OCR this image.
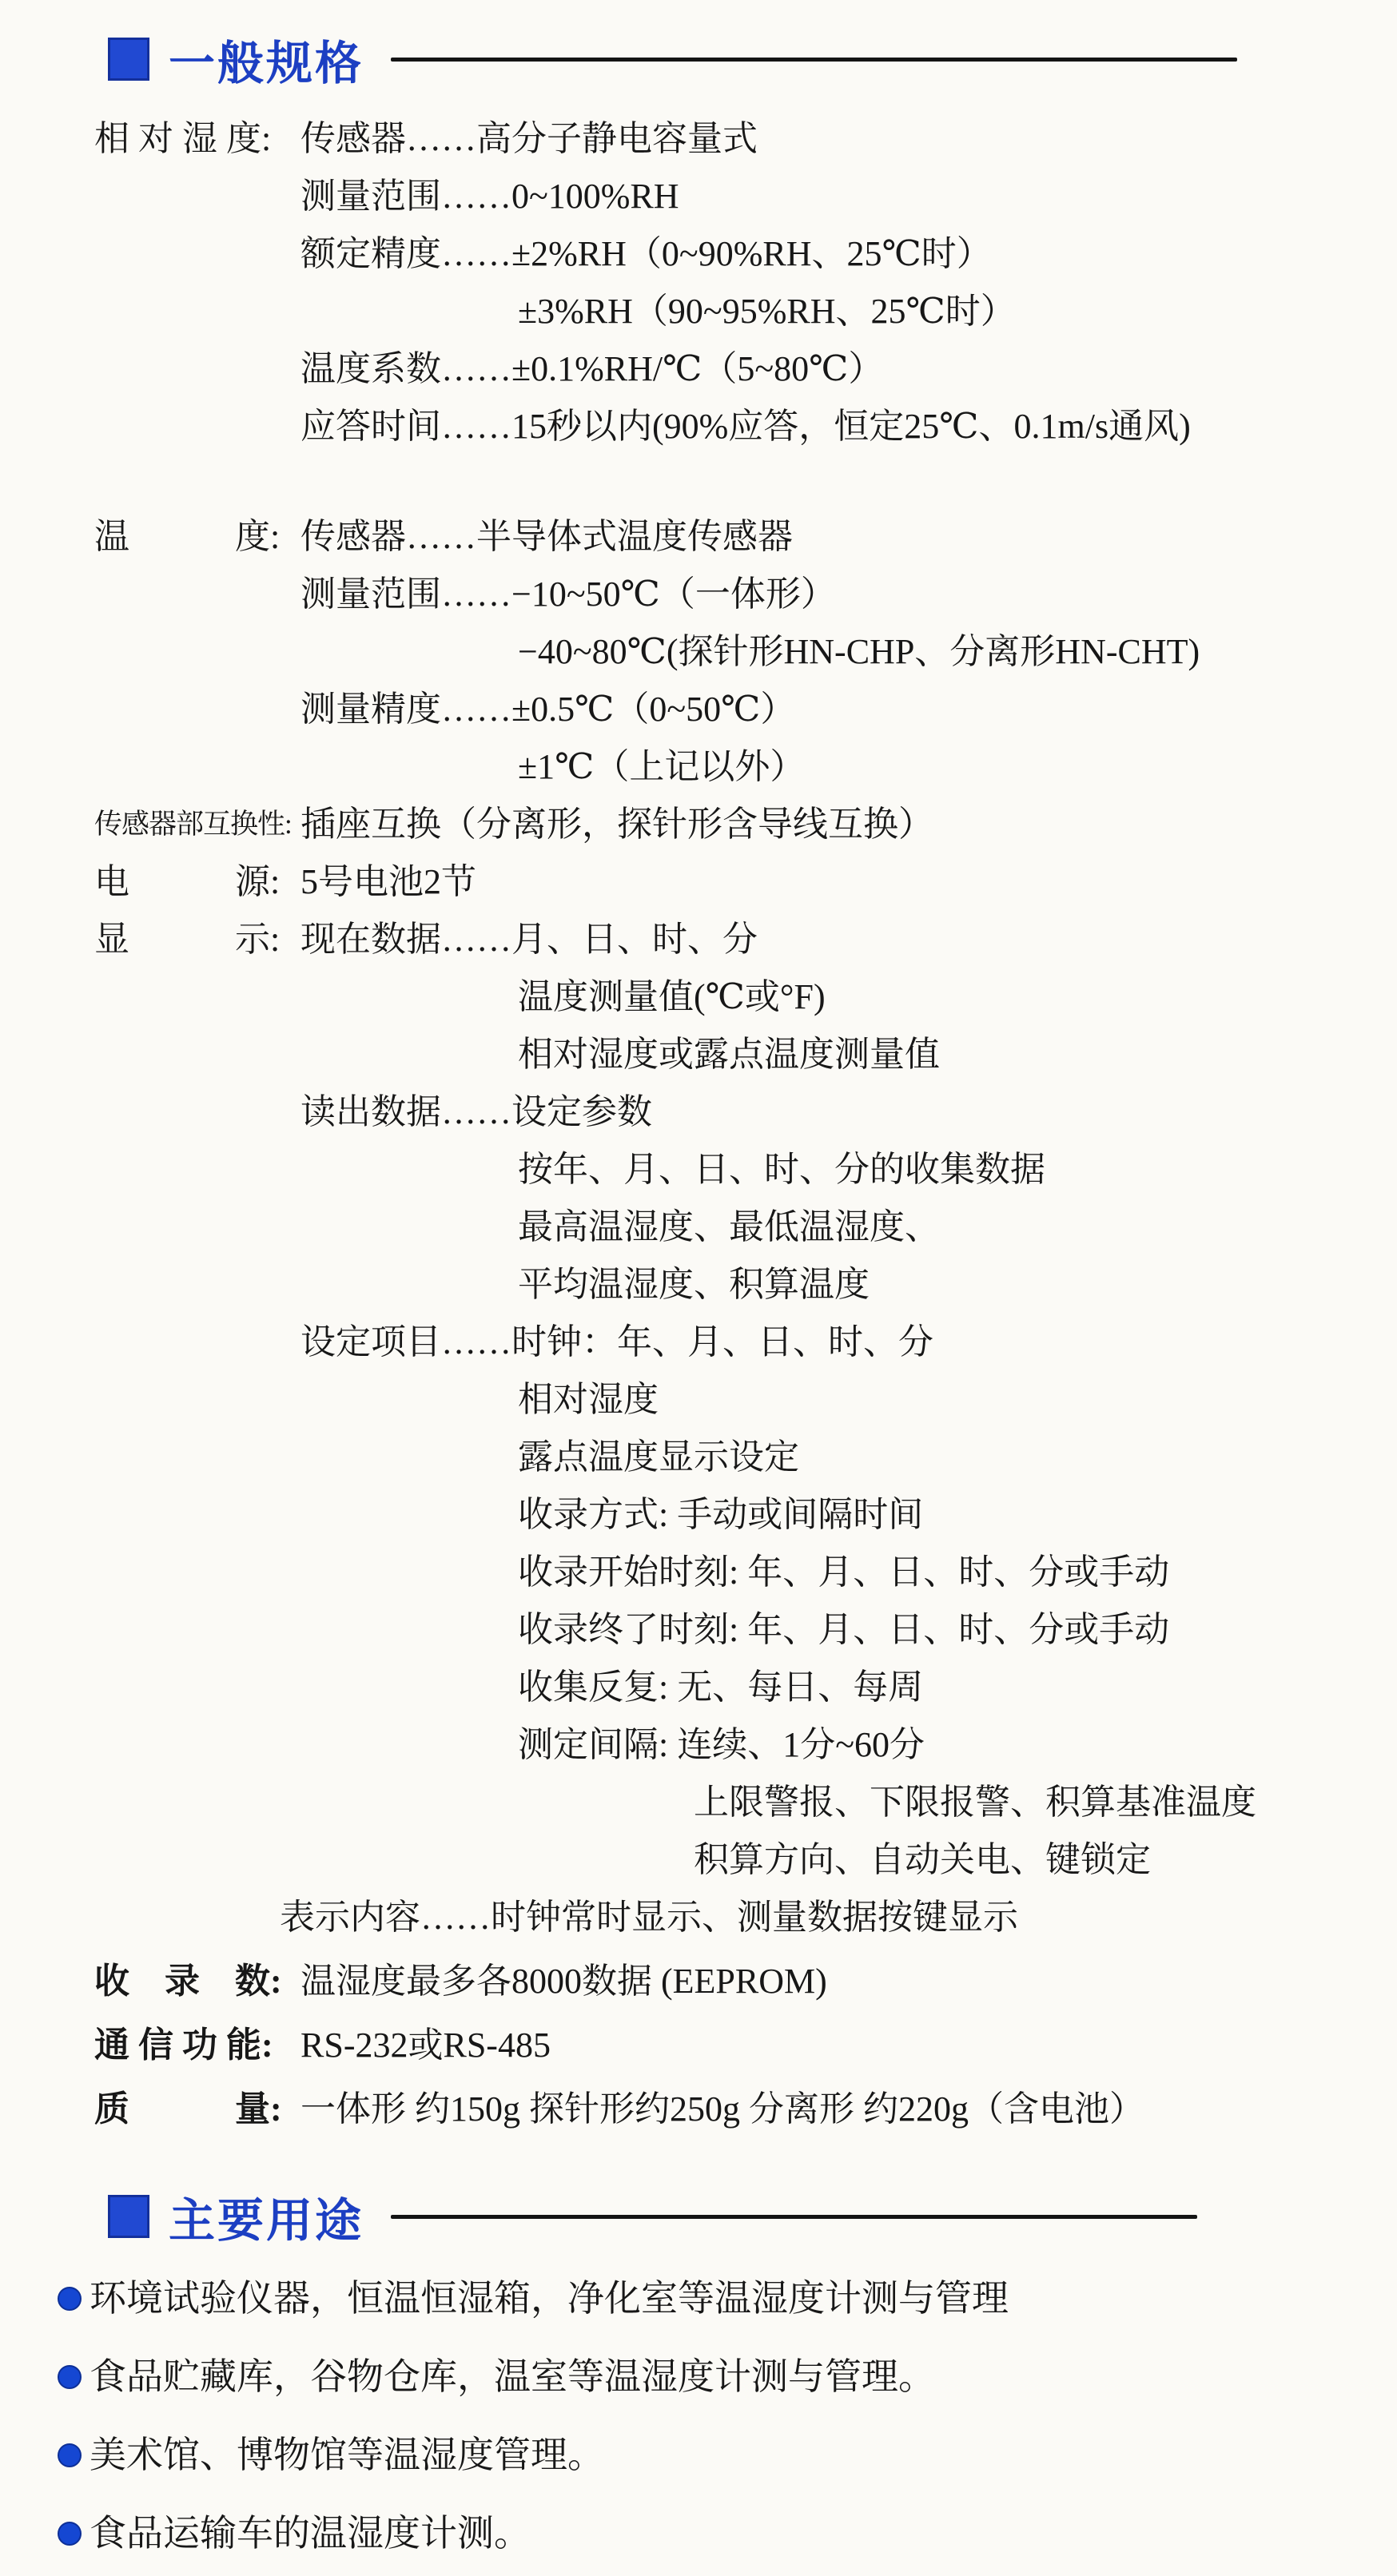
一般规格
相 对 湿 度: 传感器……高分子静电容量式
测量范围……0~100%RH
额定精度……±2%RH（0~90%RH、25℃时）
±3%RH（90~95%RH、25℃时）
温度系数……±0.1%RH/℃（5~80℃）
应答时间……15秒以内(90%应答，恒定25℃、0.1m/s通风)
温　　　度: 传感器……半导体式温度传感器
测量范围……−10~50℃（一体形）
−40~80℃(探针形HN-CHP、分离形HN-CHT)
测量精度……±0.5℃（0~50℃）
±1℃（上记以外）
传感器部互换性: 插座互换（分离形，探针形含导线互换）
电　　　源: 5号电池2节
显　　　示: 现在数据……月、日、时、分
温度测量值(℃或°F)
相对湿度或露点温度测量值
读出数据……设定参数
按年、月、日、时、分的收集数据
最高温湿度、最低温湿度、
平均温湿度、积算温度
设定项目……时钟：年、月、日、时、分
相对湿度
露点温度显示设定
收录方式: 手动或间隔时间
收录开始时刻: 年、月、日、时、分或手动
收录终了时刻: 年、月、日、时、分或手动
收集反复: 无、每日、每周
测定间隔: 连续、1分~60分
上限警报、下限报警、积算基准温度
积算方向、自动关电、键锁定
表示内容……时钟常时显示、测量数据按键显示
收　录　数: 温湿度最多各8000数据 (EEPROM)
通 信 功 能: RS-232或RS-485
质　　　量: 一体形 约150g 探针形约250g 分离形 约220g（含电池）
主要用途
环境试验仪器，恒温恒湿箱，净化室等温湿度计测与管理
食品贮藏库，谷物仓库，温室等温湿度计测与管理。
美术馆、博物馆等温湿度管理。
食品运输车的温湿度计测。
